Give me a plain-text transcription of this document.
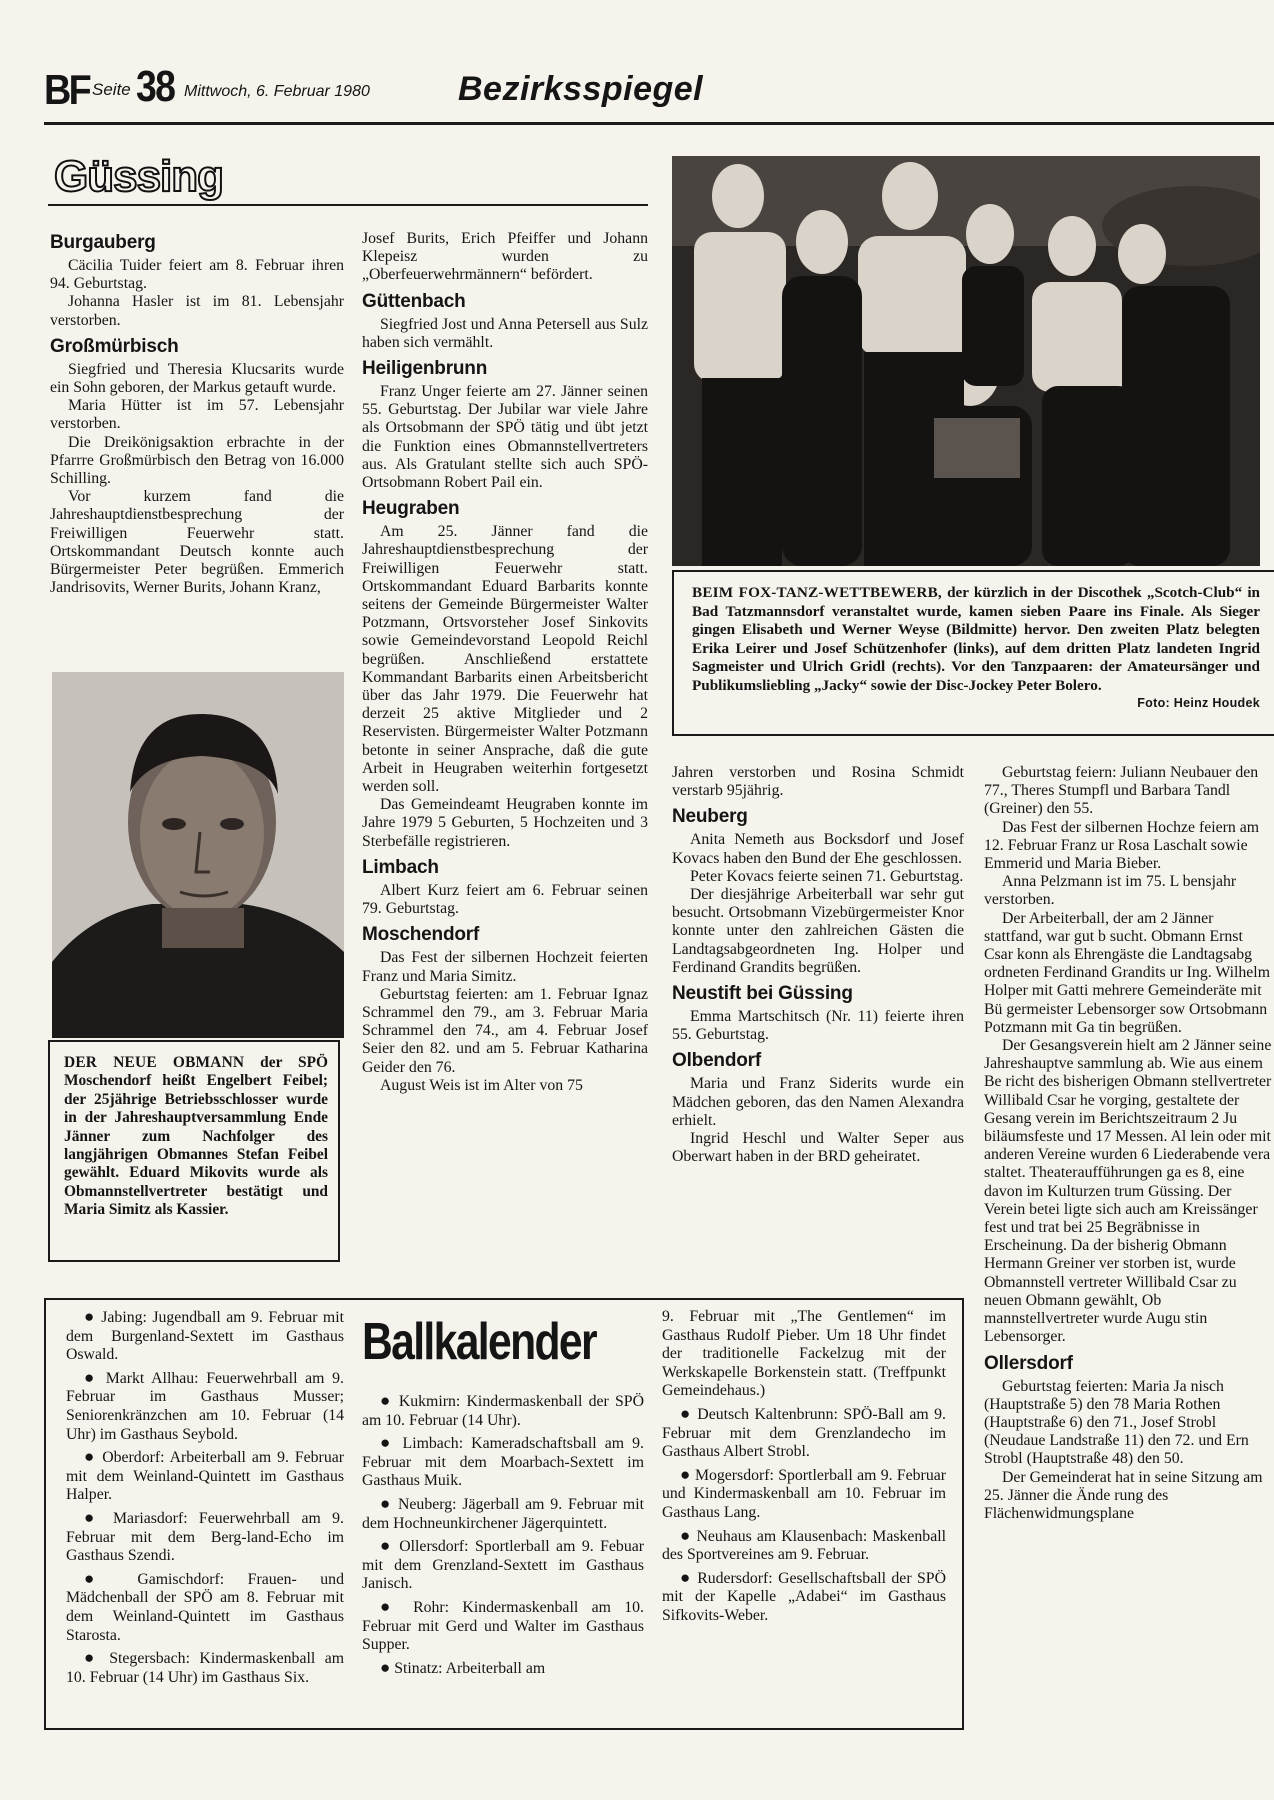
BF Seite 38 Mittwoch, 6. Februar 1980	Bezirksspiegel
Güssing
Burgauberg

Cäcilia Tuider feiert am 8. Februar ihren 94. Geburtstag.

Johanna Hasler ist im 81. Lebensjahr verstorben.

Großmürbisch

Siegfried und Theresia Klucsarits wurde ein Sohn geboren, der Markus getauft wurde.

Maria Hütter ist im 57. Lebensjahr verstorben.

Die Dreikönigsaktion erbrachte in der Pfarrre Großmürbisch den Betrag von 16.000 Schilling.

Vor kurzem fand die Jahreshauptdienstbesprechung der Freiwilligen Feuerwehr statt. Ortskommandant Deutsch konnte auch Bürgermeister Peter begrüßen. Emmerich Jandrisovits, Werner Burits, Johann Kranz,

DER NEUE OBMANN der SPÖ Moschendorf heißt Engelbert Feibel; der 25jährige Betriebsschlosser wurde in der Jahreshauptversammlung Ende Jänner zum Nachfolger des langjährigen Obmannes Stefan Feibel gewählt. Eduard Mikovits wurde als Obmannstellvertreter bestätigt und Maria Simitz als Kassier.

Josef Burits, Erich Pfeiffer und Johann Klepeisz wurden zu „Oberfeuerwehrmännern“ befördert.

Güttenbach

Siegfried Jost und Anna Petersell aus Sulz haben sich vermählt.

Heiligenbrunn

Franz Unger feierte am 27. Jänner seinen 55. Geburtstag. Der Jubilar war viele Jahre als Ortsobmann der SPÖ tätig und übt jetzt die Funktion eines Obmannstellvertreters aus. Als Gratulant stellte sich auch SPÖ-Ortsobmann Robert Pail ein.

Heugraben

Am 25. Jänner fand die Jahreshauptdienstbesprechung der Freiwilligen Feuerwehr statt. Ortskommandant Eduard Barbarits konnte seitens der Gemeinde Bürgermeister Walter Potzmann, Ortsvorsteher Josef Sinkovits sowie Gemeindevorstand Leopold Reichl begrüßen. Anschließend erstattete Kommandant Barbarits einen Arbeitsbericht über das Jahr 1979. Die Feuerwehr hat derzeit 25 aktive Mitglieder und 2 Reservisten. Bürgermeister Walter Potzmann betonte in seiner Ansprache, daß die gute Arbeit in Heugraben weiterhin fortgesetzt werden soll.

Das Gemeindeamt Heugraben konnte im Jahre 1979 5 Geburten, 5 Hochzeiten und 3 Sterbefälle registrieren.

Limbach

Albert Kurz feiert am 6. Februar seinen 79. Geburtstag.

Moschendorf

Das Fest der silbernen Hochzeit feierten Franz und Maria Simitz.

Geburtstag feierten: am 1. Februar Ignaz Schrammel den 79., am 3. Februar Maria Schrammel den 74., am 4. Februar Josef Seier den 82. und am 5. Februar Katharina Geider den 76.

August Weis ist im Alter von 75

BEIM FOX-TANZ-WETTBEWERB, der kürzlich in der Discothek „Scotch-Club“ in Bad Tatzmannsdorf veranstaltet wurde, kamen sieben Paare ins Finale. Als Sieger gingen Elisabeth und Werner Weyse (Bildmitte) hervor. Den zweiten Platz belegten Erika Leirer und Josef Schützenhofer (links), auf dem dritten Platz landeten Ingrid Sagmeister und Ulrich Gridl (rechts). Vor den Tanzpaaren: der Amateursänger und Publikumsliebling „Jacky“ sowie der Disc-Jockey Peter Bolero.
Foto: Heinz Houdek

Jahren verstorben und Rosina Schmidt verstarb 95jährig.

Neuberg

Anita Nemeth aus Bocksdorf und Josef Kovacs haben den Bund der Ehe geschlossen.

Peter Kovacs feierte seinen 71. Geburtstag.

Der diesjährige Arbeiterball war sehr gut besucht. Ortsobmann Vizebürgermeister Knor konnte unter den zahlreichen Gästen die Landtagsabgeordneten Ing. Holper und Ferdinand Grandits begrüßen.

Neustift bei Güssing

Emma Martschitsch (Nr. 11) feierte ihren 55. Geburtstag.

Olbendorf

Maria und Franz Siderits wurde ein Mädchen geboren, das den Namen Alexandra erhielt.

Ingrid Heschl und Walter Seper aus Oberwart haben in der BRD geheiratet.

Geburtstag feiern: Juliann Neubauer den 77., Theres Stumpfl und Barbara Tandl (Greiner) den 55.

Das Fest der silbernen Hochze feiern am 12. Februar Franz ur Rosa Laschalt sowie Emmerid und Maria Bieber.

Anna Pelzmann ist im 75. L bensjahr verstorben.

Der Arbeiterball, der am 2 Jänner stattfand, war gut b sucht. Obmann Ernst Csar konn als Ehrengäste die Landtagsabg ordneten Ferdinand Grandits ur Ing. Wilhelm Holper mit Gatti mehrere Gemeinderäte mit Bü germeister Lebensorger sow Ortsobmann Potzmann mit Ga tin begrüßen.

Der Gesangsverein hielt am 2 Jänner seine Jahreshauptve sammlung ab. Wie aus einem Be richt des bisherigen Obmann stellvertreter Willibald Csar he vorging, gestaltete der Gesang verein im Berichtszeitraum 2 Ju biläumsfeste und 17 Messen. Al lein oder mit anderen Vereine wurden 6 Liederabende vera staltet. Theateraufführungen ga es 8, eine davon im Kulturzen trum Güssing. Der Verein betei ligte sich auch am Kreissänger fest und trat bei 25 Begräbnisse in Erscheinung. Da der bisherig Obmann Hermann Greiner ver storben ist, wurde Obmannstell vertreter Willibald Csar zu neuen Obmann gewählt, Ob mannstellvertreter wurde Augu stin Lebensorger.

Ollersdorf

Geburtstag feierten: Maria Ja nisch (Hauptstraße 5) den 78 Maria Rothen (Hauptstraße 6) den 71., Josef Strobl (Neudaue Landstraße 11) den 72. und Ern Strobl (Hauptstraße 48) den 50.

Der Gemeinderat hat in seine Sitzung am 25. Jänner die Ände rung des Flächenwidmungsplane

● Jabing: Jugendball am 9. Februar mit dem Burgenland-Sextett im Gasthaus Oswald.

● Markt Allhau: Feuerwehrball am 9. Februar im Gasthaus Musser; Seniorenkränzchen am 10. Februar (14 Uhr) im Gasthaus Seybold.

● Oberdorf: Arbeiterball am 9. Februar mit dem Weinland-Quintett im Gasthaus Halper.

● Mariasdorf: Feuerwehrball am 9. Februar mit dem Berg-land-Echo im Gasthaus Szendi.

● Gamischdorf: Frauen- und Mädchenball der SPÖ am 8. Februar mit dem Weinland-Quintett im Gasthaus Starosta.

● Stegersbach: Kindermaskenball am 10. Februar (14 Uhr) im Gasthaus Six.

Ballkalender

● Kukmirn: Kindermaskenball der SPÖ am 10. Februar (14 Uhr).

● Limbach: Kameradschaftsball am 9. Februar mit dem Moarbach-Sextett im Gasthaus Muik.

● Neuberg: Jägerball am 9. Februar mit dem Hochneunkirchener Jägerquintett.

● Ollersdorf: Sportlerball am 9. Febuar mit dem Grenzland-Sextett im Gasthaus Janisch.

● Rohr: Kindermaskenball am 10. Februar mit Gerd und Walter im Gasthaus Supper.

● Stinatz: Arbeiterball am

9. Februar mit „The Gentlemen“ im Gasthaus Rudolf Pieber. Um 18 Uhr findet der traditionelle Fackelzug mit der Werkskapelle Borkenstein statt. (Treffpunkt Gemeindehaus.)

● Deutsch Kaltenbrunn: SPÖ-Ball am 9. Februar mit dem Grenzlandecho im Gasthaus Albert Strobl.

● Mogersdorf: Sportlerball am 9. Februar und Kindermaskenball am 10. Februar im Gasthaus Lang.

● Neuhaus am Klausenbach: Maskenball des Sportvereines am 9. Februar.

● Rudersdorf: Gesellschaftsball der SPÖ mit der Kapelle „Adabei“ im Gasthaus Sifkovits-Weber.
